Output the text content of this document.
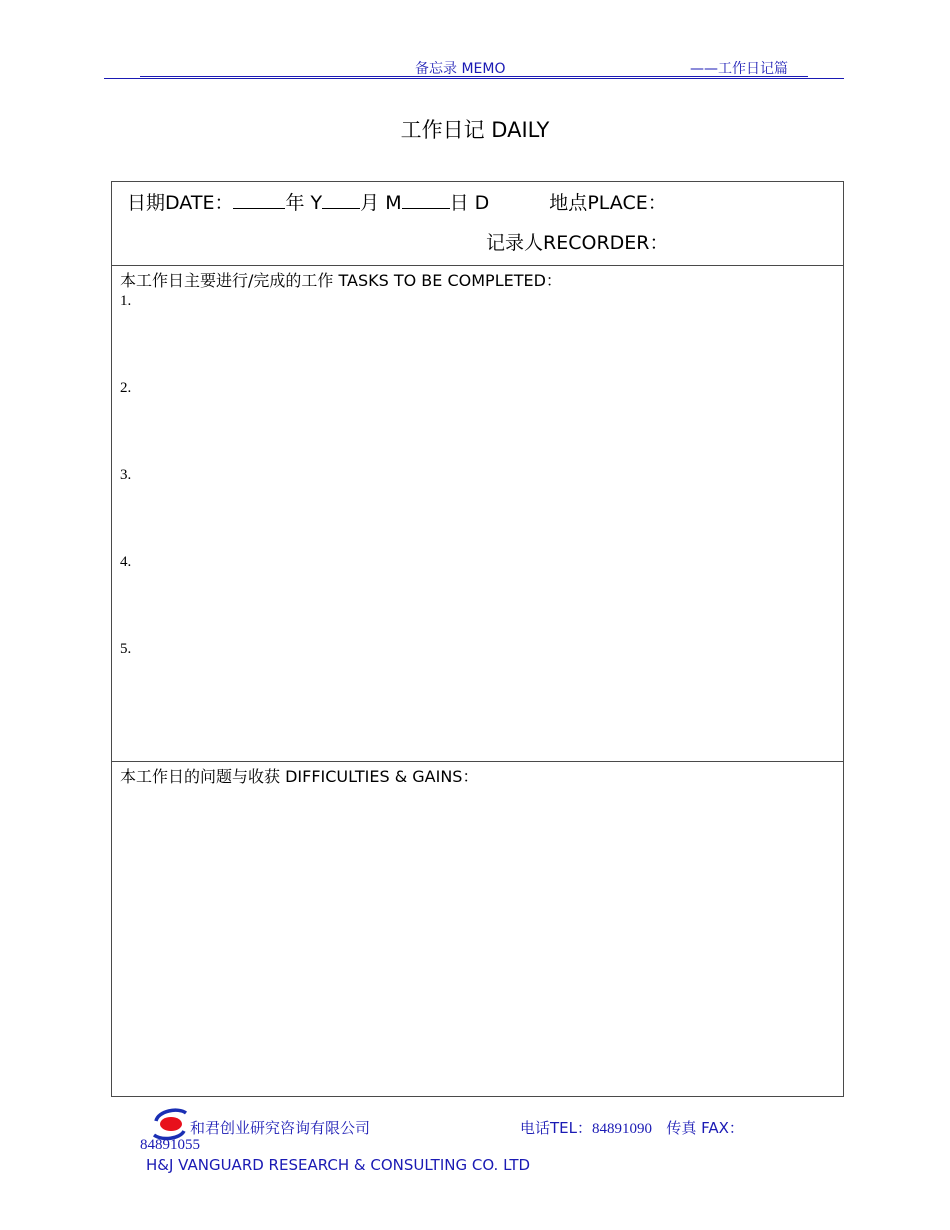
备忘录 MEMO	——工作日记篇
工作日记 DAILY
日期DATE：	年 Y 月 M	日 D	地点PLACE：
记录人RECORDER：
本工作日主要进行/完成的工作 TASKS TO BE COMPLETED：
1.
2.
3.
4.
5.
本工作日的问题与收获 DIFFICULTIES & GAINS：
和君创业研究咨询有限公司	电话TEL：84891090 传真 FAX：
84891055
H&J VANGUARD RESEARCH & CONSULTING CO. LTD
